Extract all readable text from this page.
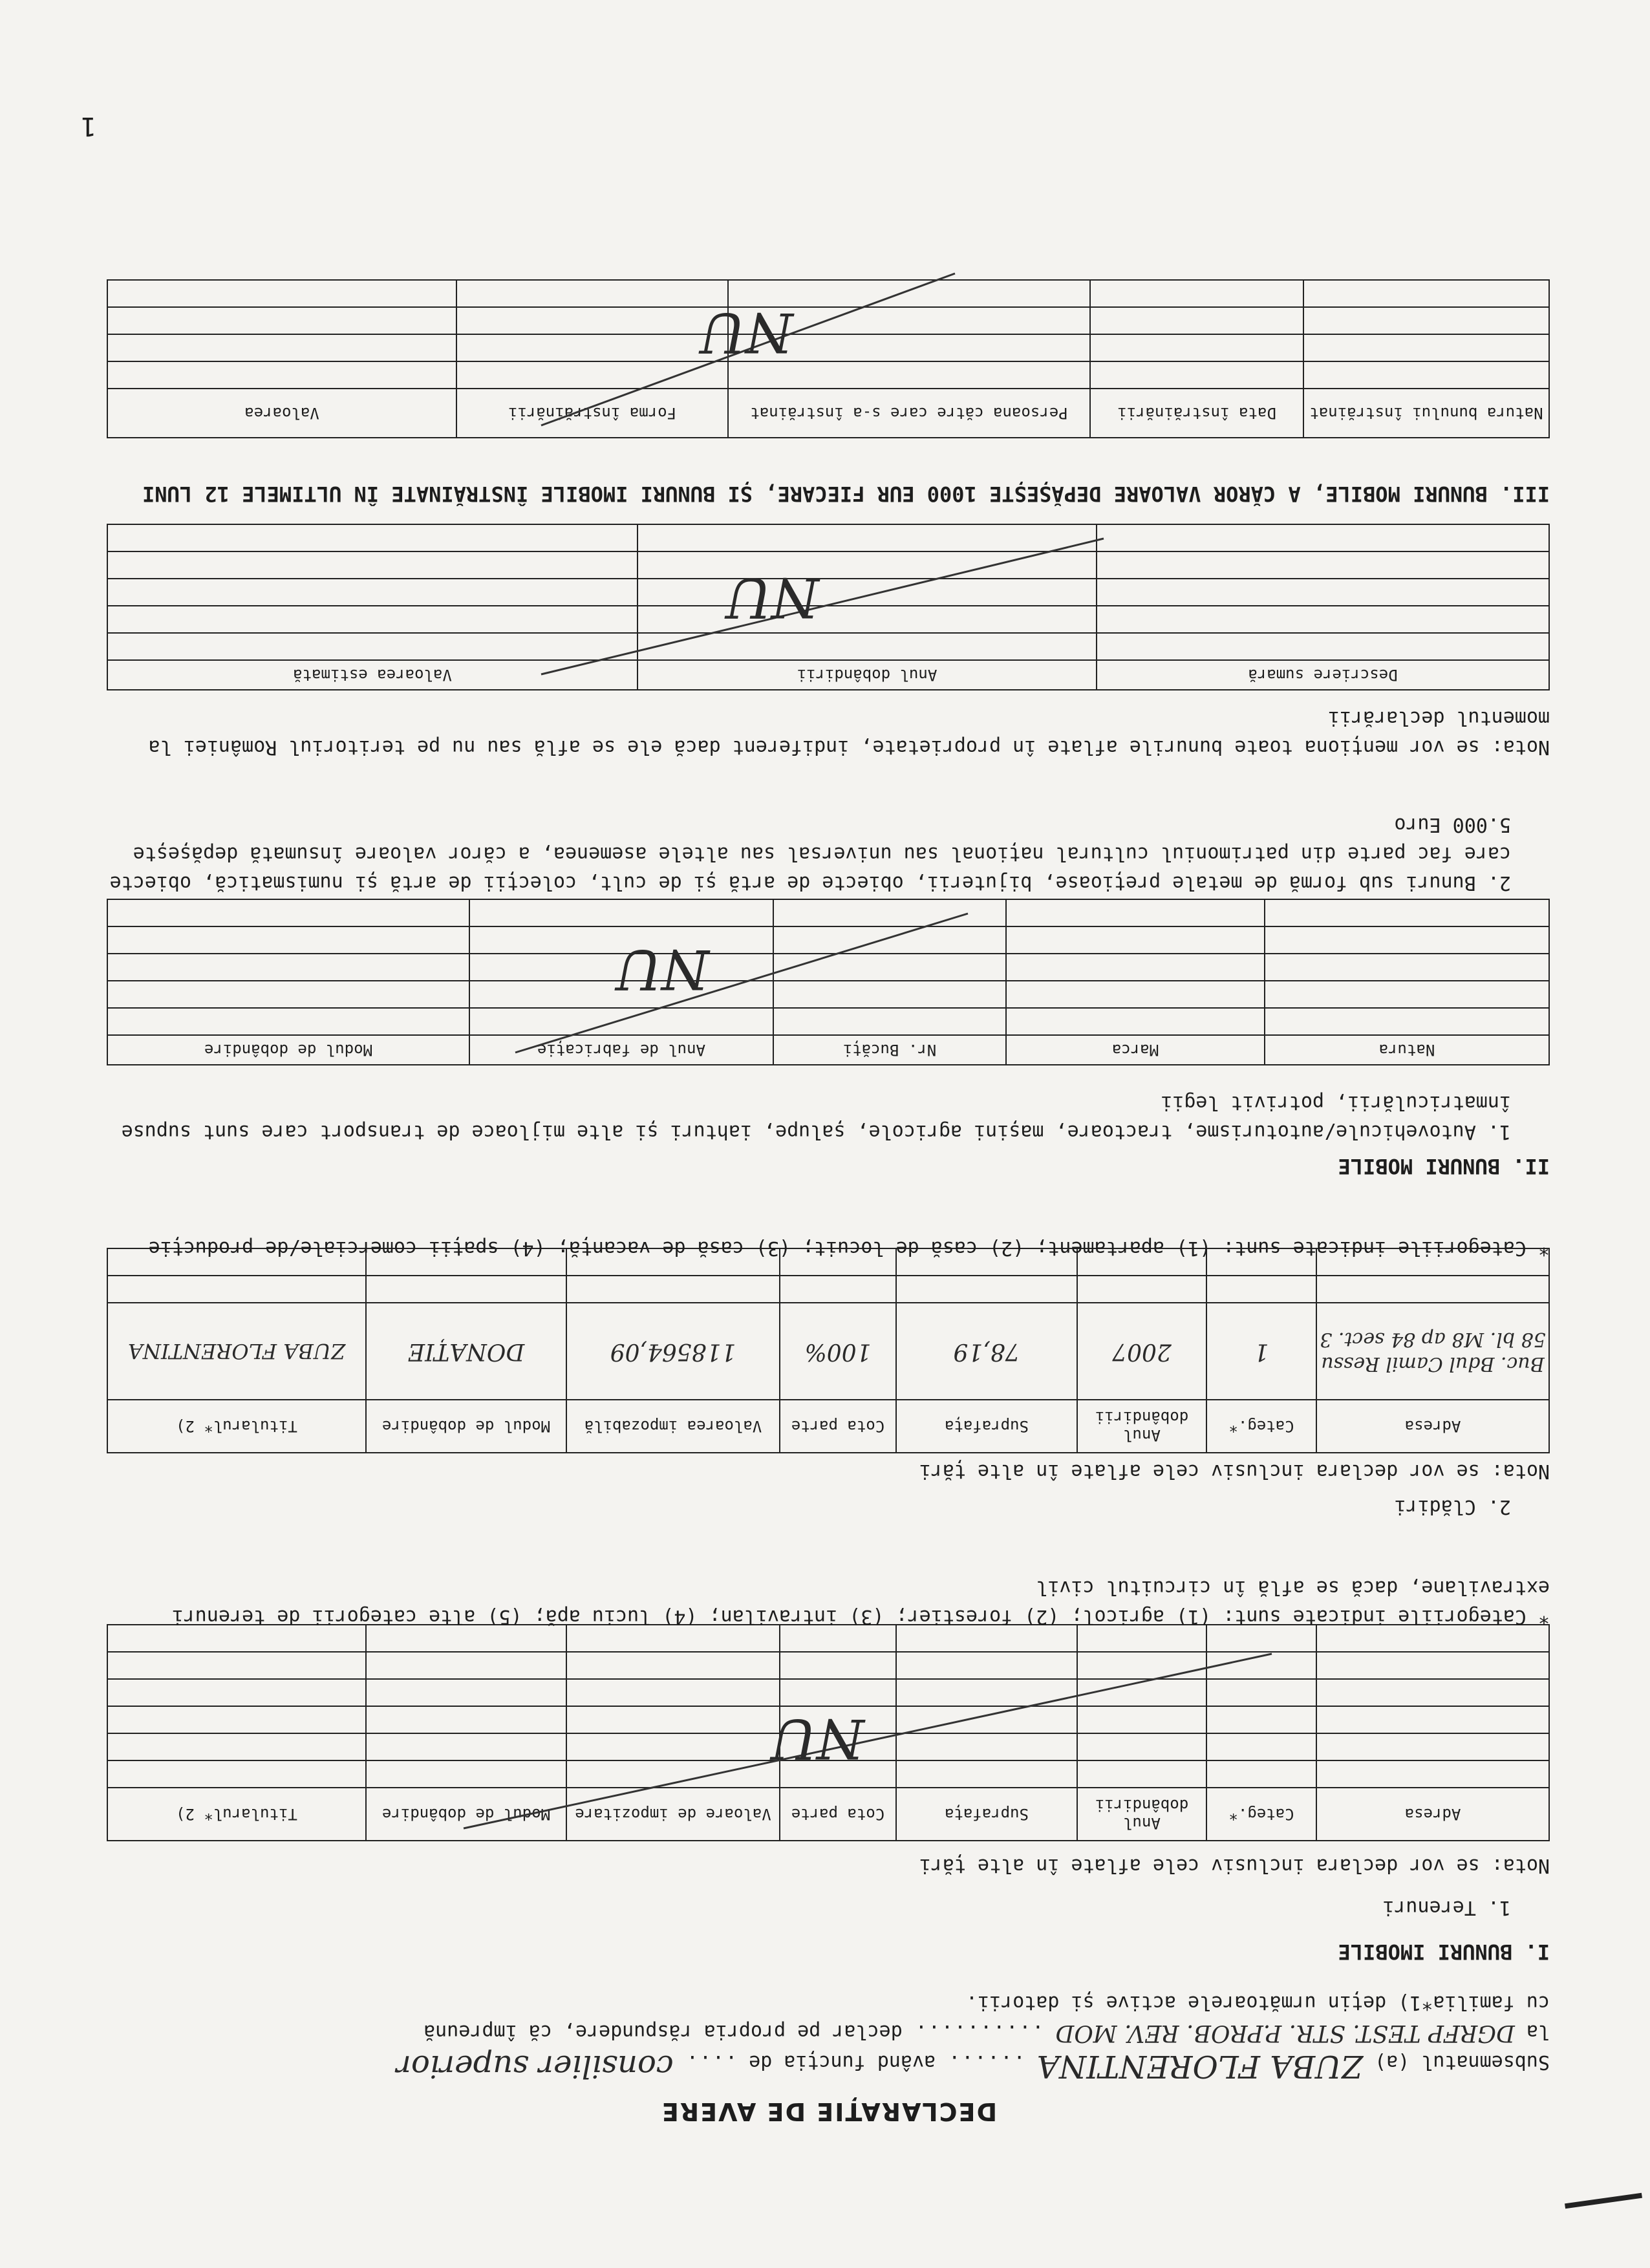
1
DECLARAȚIE DE AVERE
Subsemnatul (a) ZUBA FLORENTINA ...... având funcția de .... consilier superior
la DGRFP TEST. STR. P.PROB. REV. MOD .......... declar pe propria răspundere, că împreună
cu familia*1) dețin următoarele active și datorii.
I. BUNURI IMOBILE
1. Terenuri
Nota: se vor declara inclusiv cele aflate în alte țări
Adresa	Categ.*	Anul dobândirii	Suprafața	Cota parte	Valoare de impozitare	Modul de dobândire	Titularul* 2)

NU
* Categoriile indicate sunt: (1) agricol; (2) forestier; (3) intravilan; (4) luciu apă; (5) alte categorii de terenuri extravilane, dacă se află în circuitul civil
2. Clădiri
Nota: se vor declara inclusiv cele aflate în alte țări
Adresa	Categ.*	Anul dobândirii	Suprafața	Cota parte	Valoarea impozabilă	Modul de dobândire	Titularul* 2)
Buc. Bdul Camil Ressu 58 bl. M8 ap 84 sect. 3	1	2007	78,19	100%	118564,09	DONAȚIE	ZUBA FLORENTINA

* Categoriile indicate sunt: (1) apartament; (2) casă de locuit; (3) casă de vacanță; (4) spații comerciale/de producție
II. BUNURI MOBILE
1. Autovehicule/autoturisme, tractoare, mașini agricole, șalupe, iahturi și alte mijloace de transport care sunt supuse înmatriculării, potrivit legii
Natura	Marca	Nr. Bucăți	Anul de fabricație	Modul de dobândire

NU
2. Bunuri sub formă de metale prețioase, bijuterii, obiecte de artă și de cult, colecții de artă și numismatică, obiecte care fac parte din patrimoniul cultural național sau universal sau altele asemenea, a căror valoare însumată depășește 5.000 Euro
Nota: se vor menționa toate bunurile aflate în proprietate, indiferent dacă ele se află sau nu pe teritoriul României la momentul declarării
Descriere sumară	Anul dobândirii	Valoarea estimată

NU
III. BUNURI MOBILE, A CĂROR VALOARE DEPĂȘEȘTE 1000 EUR FIECARE, ȘI BUNURI IMOBILE ÎNSTRĂINATE ÎN ULTIMELE 12 LUNI
Natura bunului înstrăinat	Data înstrăinării	Persoana către care s-a înstrăinat	Forma înstrăinării	Valoarea

NU
